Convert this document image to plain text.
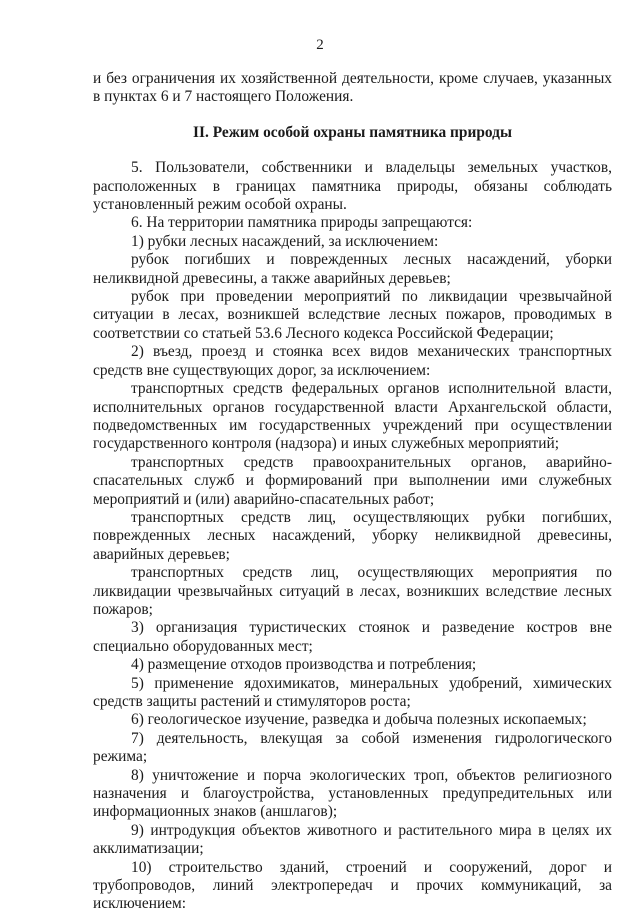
2

и без ограничения их хозяйственной деятельности, кроме случаев, указанных в пунктах 6 и 7 настоящего Положения.

II. Режим особой охраны памятника природы

5. Пользователи, собственники и владельцы земельных участков, расположенных в границах памятника природы, обязаны соблюдать установленный режим особой охраны.

6. На территории памятника природы запрещаются:

1) рубки лесных насаждений, за исключением:

рубок погибших и поврежденных лесных насаждений, уборки неликвидной древесины, а также аварийных деревьев;

рубок при проведении мероприятий по ликвидации чрезвычайной ситуации в лесах, возникшей вследствие лесных пожаров, проводимых в соответствии со статьей 53.6 Лесного кодекса Российской Федерации;

2) въезд, проезд и стоянка всех видов механических транспортных средств вне существующих дорог, за исключением:

транспортных средств федеральных органов исполнительной власти, исполнительных органов государственной власти Архангельской области, подведомственных им государственных учреждений при осуществлении государственного контроля (надзора) и иных служебных мероприятий;

транспортных средств правоохранительных органов, аварийно-спасательных служб и формирований при выполнении ими служебных мероприятий и (или) аварийно-спасательных работ;

транспортных средств лиц, осуществляющих рубки погибших, поврежденных лесных насаждений, уборку неликвидной древесины, аварийных деревьев;

транспортных средств лиц, осуществляющих мероприятия по ликвидации чрезвычайных ситуаций в лесах, возникших вследствие лесных пожаров;

3) организация туристических стоянок и разведение костров вне специально оборудованных мест;

4) размещение отходов производства и потребления;

5) применение ядохимикатов, минеральных удобрений, химических средств защиты растений и стимуляторов роста;

6) геологическое изучение, разведка и добыча полезных ископаемых;

7) деятельность, влекущая за собой изменения гидрологического режима;

8) уничтожение и порча экологических троп, объектов религиозного назначения и благоустройства, установленных предупредительных или информационных знаков (аншлагов);

9) интродукция объектов животного и растительного мира в целях их акклиматизации;

10) строительство зданий, строений и сооружений, дорог и трубопроводов, линий электропередач и прочих коммуникаций, за исключением:
